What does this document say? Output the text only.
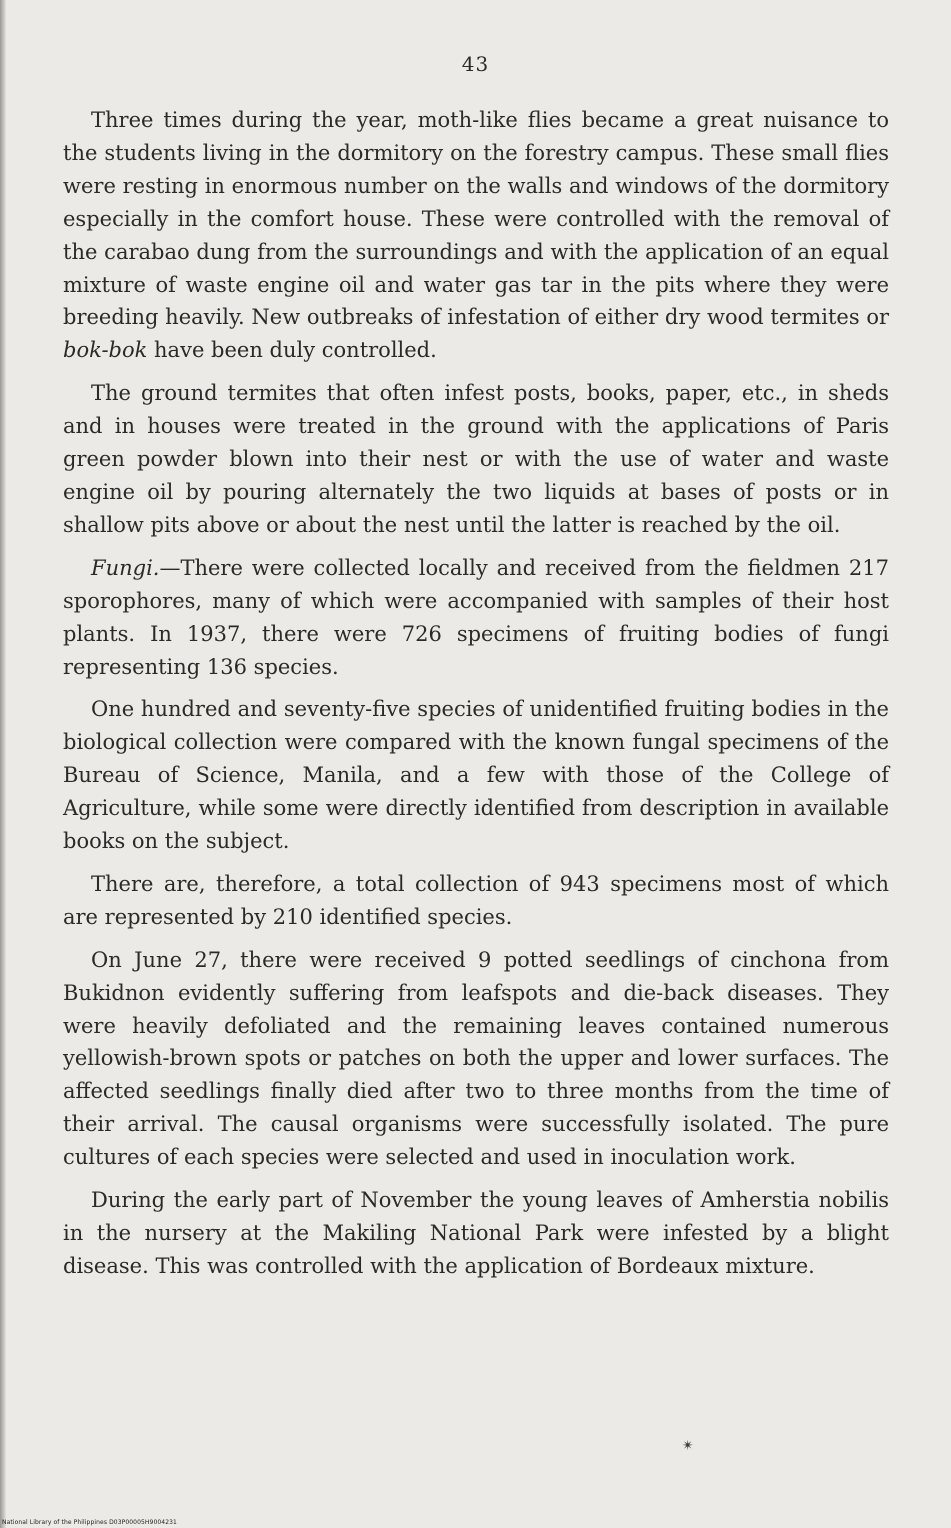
43

Three times during the year, moth-like flies became a great nuisance to the students living in the dormitory on the forestry campus. These small flies were resting in enormous number on the walls and windows of the dormitory especially in the comfort house. These were controlled with the removal of the carabao dung from the surroundings and with the application of an equal mixture of waste engine oil and water gas tar in the pits where they were breeding heavily. New outbreaks of infestation of either dry wood termites or bok-bok have been duly controlled.

The ground termites that often infest posts, books, paper, etc., in sheds and in houses were treated in the ground with the applications of Paris green powder blown into their nest or with the use of water and waste engine oil by pouring alternately the two liquids at bases of posts or in shallow pits above or about the nest until the latter is reached by the oil.

Fungi.—There were collected locally and received from the fieldmen 217 sporophores, many of which were accompanied with samples of their host plants. In 1937, there were 726 specimens of fruiting bodies of fungi representing 136 species.

One hundred and seventy-five species of unidentified fruiting bodies in the biological collection were compared with the known fungal specimens of the Bureau of Science, Manila, and a few with those of the College of Agriculture, while some were directly identified from description in available books on the subject.

There are, therefore, a total collection of 943 specimens most of which are represented by 210 identified species.

On June 27, there were received 9 potted seedlings of cinchona from Bukidnon evidently suffering from leafspots and die-back diseases. They were heavily defoliated and the remaining leaves contained numerous yellowish-brown spots or patches on both the upper and lower surfaces. The affected seedlings finally died after two to three months from the time of their arrival. The causal organisms were successfully isolated. The pure cultures of each species were selected and used in inoculation work.

During the early part of November the young leaves of Amherstia nobilis in the nursery at the Makiling National Park were infested by a blight disease. This was controlled with the application of Bordeaux mixture.

✴
National Library of the Philippines D03P00005H9004231
